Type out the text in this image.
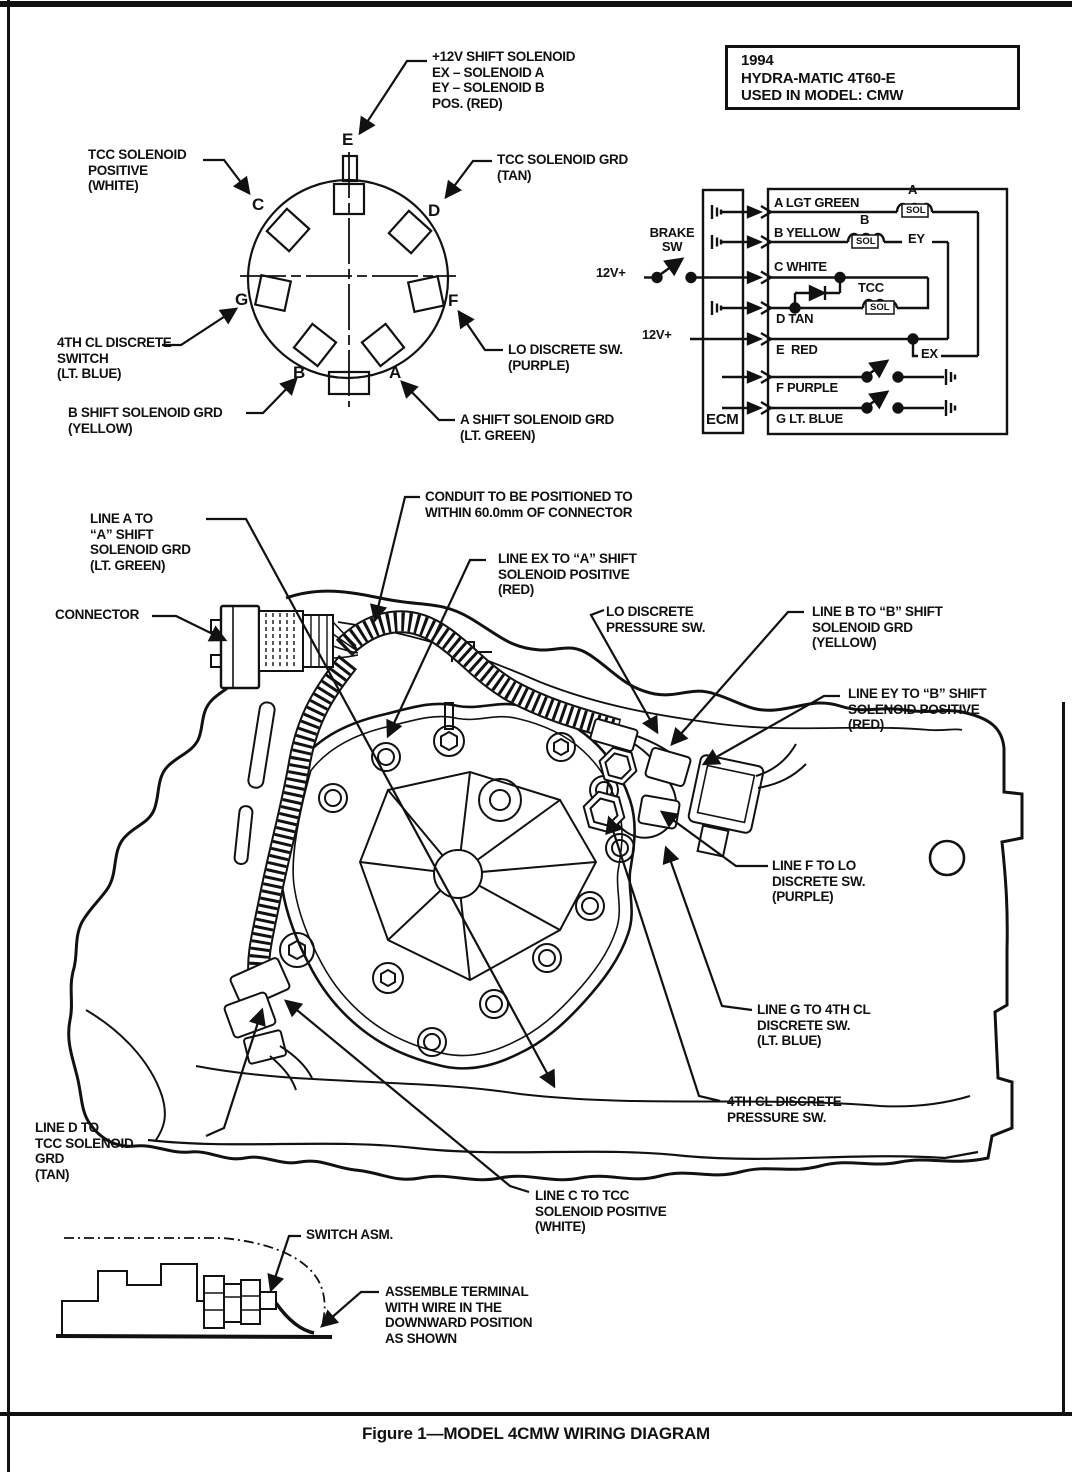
1994
HYDRA-MATIC 4T60-E
USED IN MODEL: CMW
TCC SOLENOID
POSITIVE
(WHITE)
+12V SHIFT SOLENOID
EX – SOLENOID A
EY – SOLENOID B
POS. (RED)
TCC SOLENOID GRD
(TAN)
4TH CL DISCRETE
SWITCH
(LT. BLUE)
LO DISCRETE SW.
(PURPLE)
B SHIFT SOLENOID GRD
(YELLOW)
A SHIFT SOLENOID GRD
(LT. GREEN)
C	D
E
G	F
B	A
A LGT GREEN
B YELLOW
C WHITE
D TAN
E  RED
F PURPLE
G LT. BLUE
A
SOL
B
SOL
TCC
SOL
EY
EX
BRAKE
SW
12V+
12V+
ECM
CONNECTOR
LINE A TO
“A” SHIFT
SOLENOID GRD
(LT. GREEN)
CONDUIT TO BE POSITIONED TO
WITHIN 60.0mm OF CONNECTOR
LINE EX TO “A” SHIFT
SOLENOID POSITIVE
(RED)
LO DISCRETE
PRESSURE SW.
LINE B TO “B” SHIFT
SOLENOID GRD
(YELLOW)
LINE EY TO “B” SHIFT
SOLENOID POSITIVE
(RED)
LINE F TO LO
DISCRETE SW.
(PURPLE)
LINE G TO 4TH CL
DISCRETE SW.
(LT. BLUE)
4TH CL DISCRETE
PRESSURE SW.
LINE D TO
TCC SOLENOID
GRD
(TAN)
LINE C TO TCC
SOLENOID POSITIVE
(WHITE)
SWITCH ASM.
ASSEMBLE TERMINAL
WITH WIRE IN THE
DOWNWARD POSITION
AS SHOWN
Figure 1—MODEL 4CMW WIRING DIAGRAM
